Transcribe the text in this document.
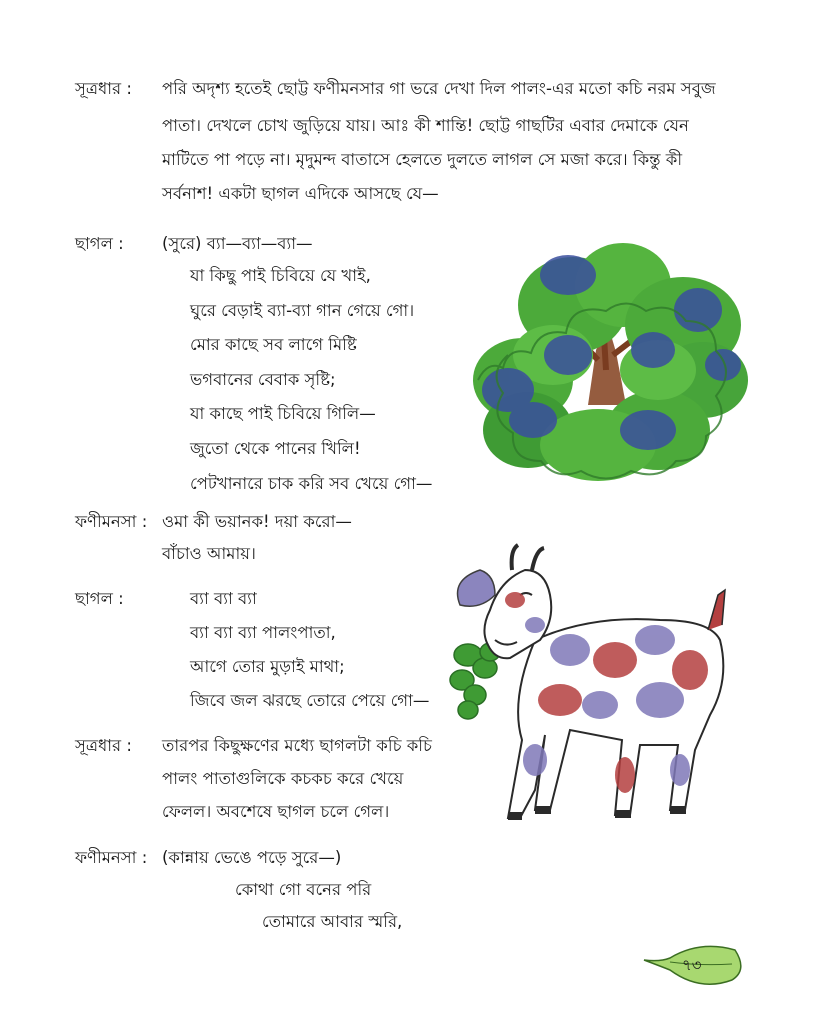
সূত্রধার : পরি অদৃশ্য হতেই ছোট্ট ফণীমনসার গা ভরে দেখা দিল পালং-এর মতো কচি নরম সবুজ
পাতা। দেখলে চোখ জুড়িয়ে যায়। আঃ কী শান্তি! ছোট্ট গাছটির এবার দেমাকে যেন
মাটিতে পা পড়ে না। মৃদুমন্দ বাতাসে হেলতে দুলতে লাগল সে মজা করে। কিন্তু কী
সর্বনাশ! একটা ছাগল এদিকে আসছে যে—
ছাগল : (সুরে) ব্যা—ব্যা—ব্যা—
যা কিছু পাই চিবিয়ে যে খাই,
ঘুরে বেড়াই ব্যা-ব্যা গান গেয়ে গো।
মোর কাছে সব লাগে মিষ্টি
ভগবানের বেবাক সৃষ্টি;
যা কাছে পাই চিবিয়ে গিলি—
জুতো থেকে পানের খিলি!
পেটখানারে চাক করি সব খেয়ে গো—
ফণীমনসা : ওমা কী ভয়ানক! দয়া করো—
বাঁচাও আমায়।
ছাগল :	ব্যা ব্যা ব্যা
ব্যা ব্যা ব্যা পালংপাতা,
আগে তোর মুড়াই মাথা;
জিবে জল ঝরছে তোরে পেয়ে গো—
সূত্রধার : তারপর কিছুক্ষণের মধ্যে ছাগলটা কচি কচি
পালং পাতাগুলিকে কচকচ করে খেয়ে
ফেলল। অবশেষে ছাগল চলে গেল।
ফণীমনসা : (কান্নায় ভেঙে পড়ে সুরে—)
কোথা গো বনের পরি
তোমারে আবার স্মরি,
৭৩
